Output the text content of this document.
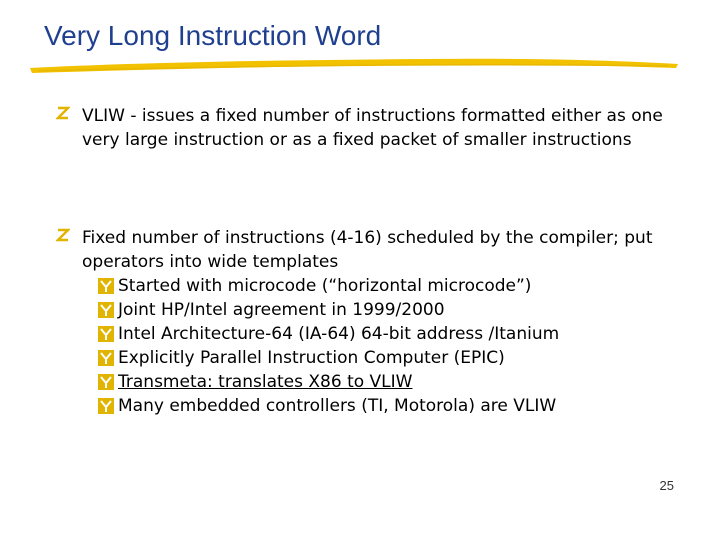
Very Long Instruction Word
VLIW - issues a fixed number of instructions formatted either as one very large instruction or as a fixed packet of smaller instructions
Fixed number of instructions (4-16) scheduled by the compiler; put operators into wide templates
Started with microcode (“horizontal microcode”)
Joint HP/Intel agreement in 1999/2000
Intel Architecture-64 (IA-64) 64-bit address /Itanium
Explicitly Parallel Instruction Computer (EPIC)
Transmeta: translates X86 to VLIW
Many embedded controllers (TI, Motorola) are VLIW
25
